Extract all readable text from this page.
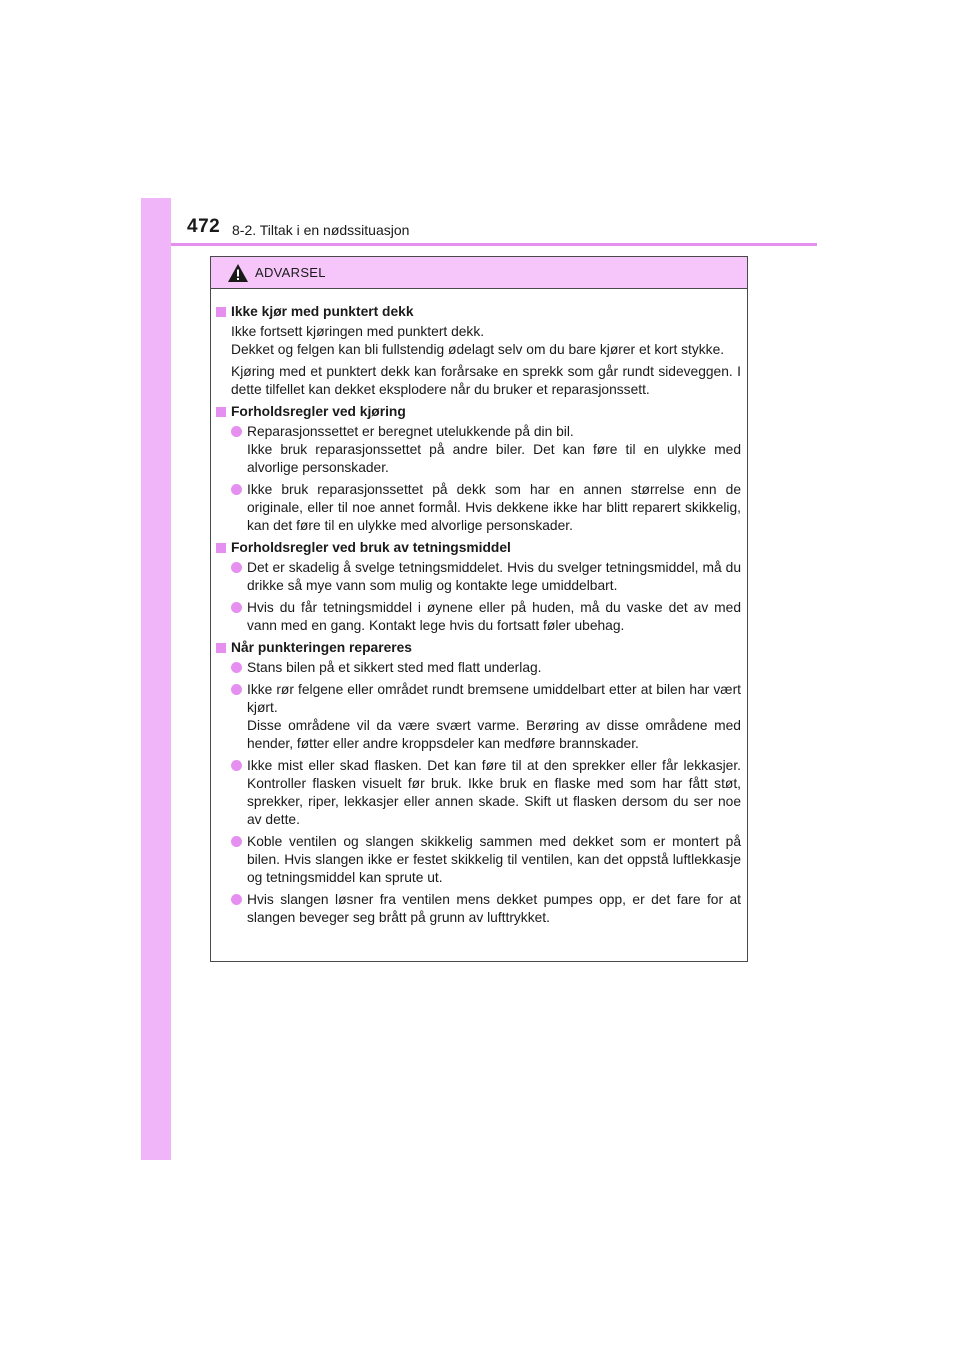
472 8-2. Tiltak i en nødssituasjon
ADVARSEL
Ikke kjør med punktert dekk
Ikke fortsett kjøringen med punktert dekk.
Dekket og felgen kan bli fullstendig ødelagt selv om du bare kjører et kort stykke.
Kjøring med et punktert dekk kan forårsake en sprekk som går rundt sideveggen. I dette tilfellet kan dekket eksplodere når du bruker et reparasjonssett.
Forholdsregler ved kjøring
Reparasjonssettet er beregnet utelukkende på din bil.
Ikke bruk reparasjonssettet på andre biler. Det kan føre til en ulykke med alvorlige personskader.
Ikke bruk reparasjonssettet på dekk som har en annen størrelse enn de originale, eller til noe annet formål. Hvis dekkene ikke har blitt reparert skikkelig, kan det føre til en ulykke med alvorlige personskader.
Forholdsregler ved bruk av tetningsmiddel
Det er skadelig å svelge tetningsmiddelet. Hvis du svelger tetningsmiddel, må du drikke så mye vann som mulig og kontakte lege umiddelbart.
Hvis du får tetningsmiddel i øynene eller på huden, må du vaske det av med vann med en gang. Kontakt lege hvis du fortsatt føler ubehag.
Når punkteringen repareres
Stans bilen på et sikkert sted med flatt underlag.
Ikke rør felgene eller området rundt bremsene umiddelbart etter at bilen har vært kjørt.
Disse områdene vil da være svært varme. Berøring av disse områdene med hender, føtter eller andre kroppsdeler kan medføre brannskader.
Ikke mist eller skad flasken. Det kan føre til at den sprekker eller får lekkasjer. Kontroller flasken visuelt før bruk. Ikke bruk en flaske med som har fått støt, sprekker, riper, lekkasjer eller annen skade. Skift ut flasken dersom du ser noe av dette.
Koble ventilen og slangen skikkelig sammen med dekket som er montert på bilen. Hvis slangen ikke er festet skikkelig til ventilen, kan det oppstå luftlekkasje og tetningsmiddel kan sprute ut.
Hvis slangen løsner fra ventilen mens dekket pumpes opp, er det fare for at slangen beveger seg brått på grunn av lufttrykket.
